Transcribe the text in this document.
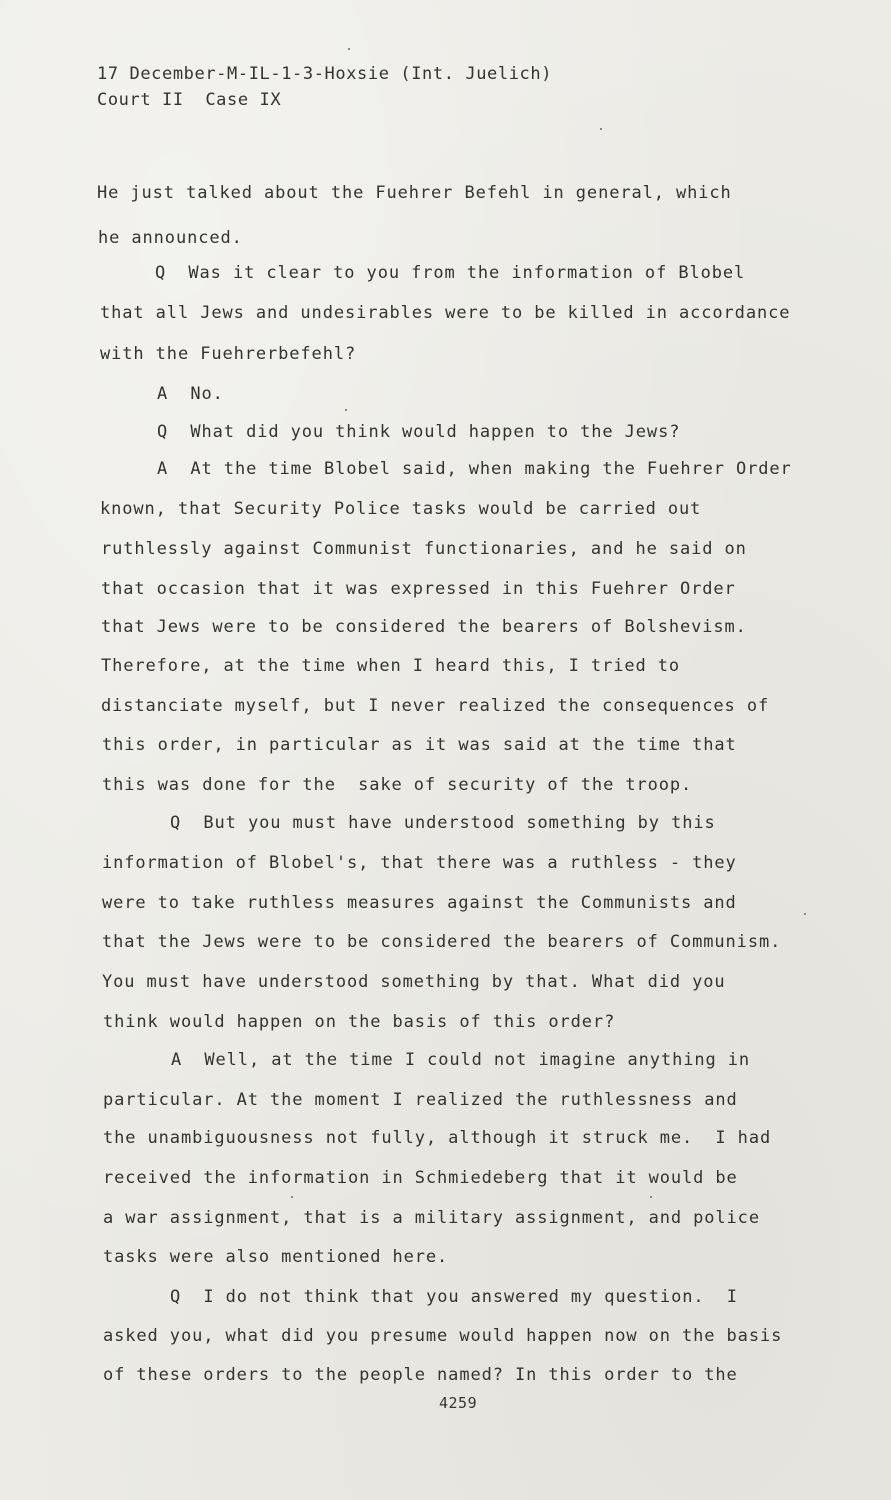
17 December-M-IL-1-3-Hoxsie (Int. Juelich)
Court II  Case IX
He just talked about the Fuehrer Befehl in general, which
he announced.
Q  Was it clear to you from the information of Blobel
that all Jews and undesirables were to be killed in accordance
with the Fuehrerbefehl?
A  No.
Q  What did you think would happen to the Jews?
A  At the time Blobel said, when making the Fuehrer Order
known, that Security Police tasks would be carried out
ruthlessly against Communist functionaries, and he said on
that occasion that it was expressed in this Fuehrer Order
that Jews were to be considered the bearers of Bolshevism.
Therefore, at the time when I heard this, I tried to
distanciate myself, but I never realized the consequences of
this order, in particular as it was said at the time that
this was done for the  sake of security of the troop.
Q  But you must have understood something by this
information of Blobel's, that there was a ruthless - they
were to take ruthless measures against the Communists and
that the Jews were to be considered the bearers of Communism.
You must have understood something by that. What did you
think would happen on the basis of this order?
A  Well, at the time I could not imagine anything in
particular. At the moment I realized the ruthlessness and
the unambiguousness not fully, although it struck me.  I had
received the information in Schmiedeberg that it would be
a war assignment, that is a military assignment, and police
tasks were also mentioned here.
Q  I do not think that you answered my question.  I
asked you, what did you presume would happen now on the basis
of these orders to the people named? In this order to the
4259
